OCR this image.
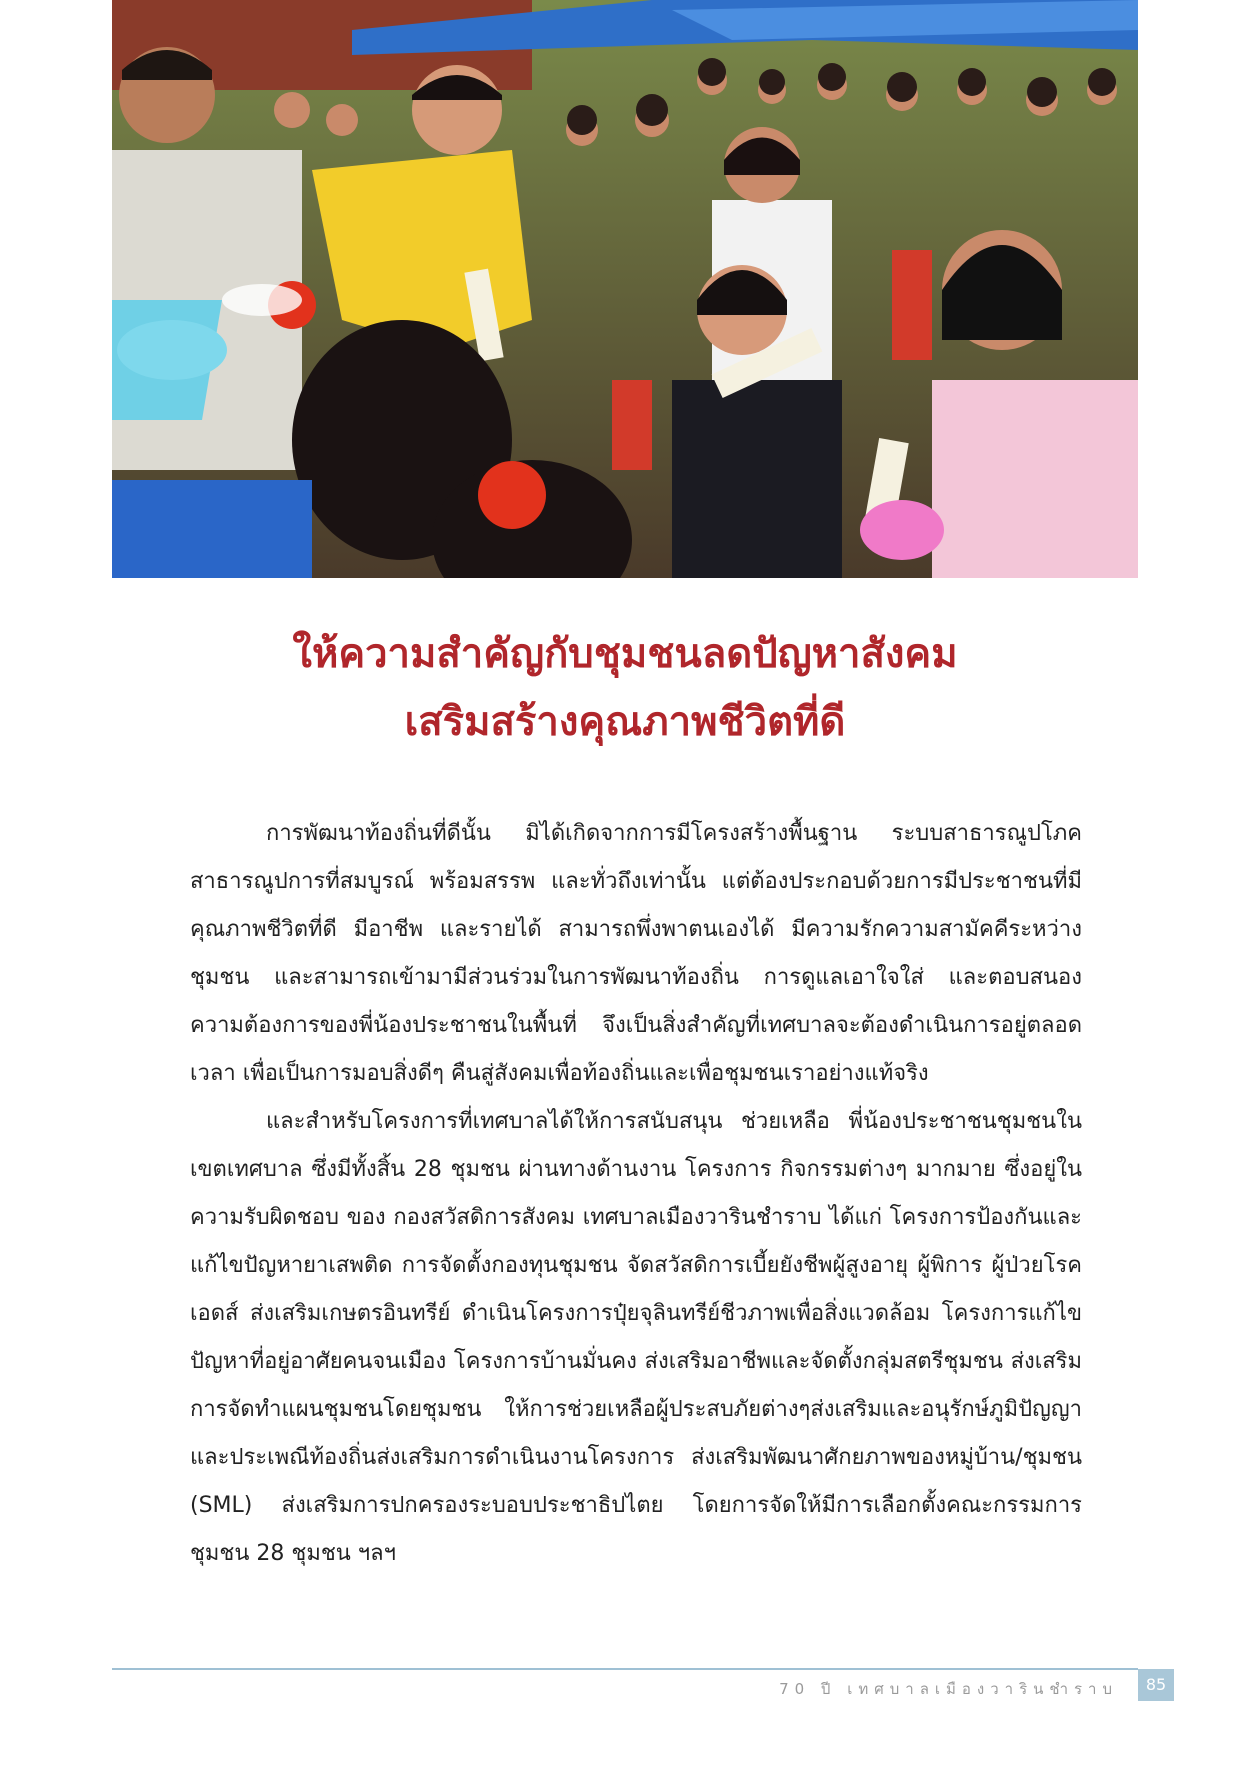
ให้ความสำคัญกับชุมชนลดปัญหาสังคม
เสริมสร้างคุณภาพชีวิตที่ดี

การพัฒนาท้องถิ่นที่ดีนั้น มิได้เกิดจากการมีโครงสร้างพื้นฐาน ระบบสาธารณูปโภค สาธารณูปการที่สมบูรณ์ พร้อมสรรพ และทั่วถึงเท่านั้น แต่ต้องประกอบด้วยการมีประชาชนที่มีคุณภาพชีวิตที่ดี มีอาชีพ และรายได้ สามารถพึ่งพาตนเองได้ มีความรักความสามัคคีระหว่างชุมชน และสามารถเข้ามามีส่วนร่วมในการพัฒนาท้องถิ่น การดูแลเอาใจใส่ และตอบสนองความต้องการของพี่น้องประชาชนในพื้นที่ จึงเป็นสิ่งสำคัญที่เทศบาลจะต้องดำเนินการอยู่ตลอดเวลา เพื่อเป็นการมอบสิ่งดีๆ คืนสู่สังคมเพื่อท้องถิ่นและเพื่อชุมชนเราอย่างแท้จริง

และสำหรับโครงการที่เทศบาลได้ให้การสนับสนุน ช่วยเหลือ พี่น้องประชาชนชุมชนในเขตเทศบาล ซึ่งมีทั้งสิ้น 28 ชุมชน ผ่านทางด้านงาน โครงการ กิจกรรมต่างๆ มากมาย ซึ่งอยู่ในความรับผิดชอบ ของ กองสวัสดิการสังคม เทศบาลเมืองวารินชำราบ ได้แก่ โครงการป้องกันและแก้ไขปัญหายาเสพติด การจัดตั้งกองทุนชุมชน จัดสวัสดิการเบี้ยยังชีพผู้สูงอายุ ผู้พิการ ผู้ป่วยโรคเอดส์ ส่งเสริมเกษตรอินทรีย์ ดำเนินโครงการปุ๋ยจุลินทรีย์ชีวภาพเพื่อสิ่งแวดล้อม โครงการแก้ไขปัญหาที่อยู่อาศัยคนจนเมือง โครงการบ้านมั่นคง ส่งเสริมอาชีพและจัดตั้งกลุ่มสตรีชุมชน ส่งเสริมการจัดทำแผนชุมชนโดยชุมชน ให้การช่วยเหลือผู้ประสบภัยต่างๆส่งเสริมและอนุรักษ์ภูมิปัญญาและประเพณีท้องถิ่นส่งเสริมการดำเนินงานโครงการ ส่งเสริมพัฒนาศักยภาพของหมู่บ้าน/ชุมชน (SML) ส่งเสริมการปกครองระบอบประชาธิปไตย โดยการจัดให้มีการเลือกตั้งคณะกรรมการชุมชน 28 ชุมชน ฯลฯ

70 ปี เทศบาลเมืองวารินชำราบ	85
